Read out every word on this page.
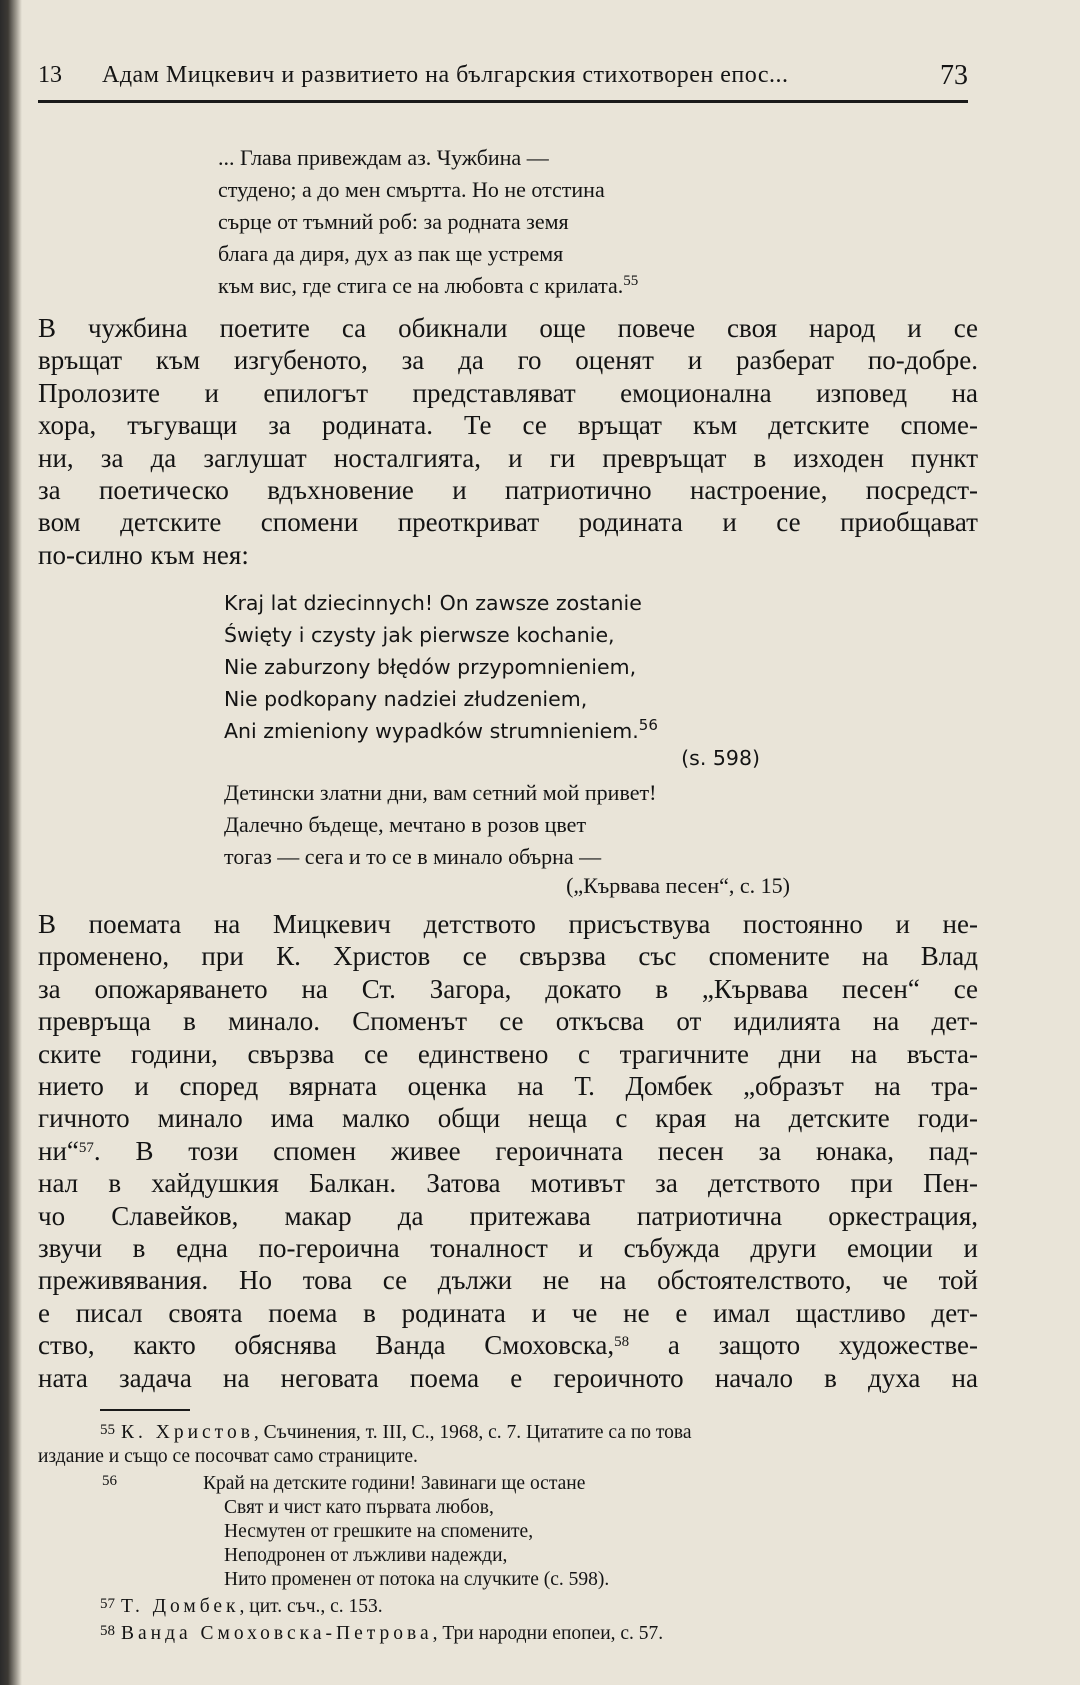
13 Адам Мицкевич и развитието на българския стихотворен епос...	73
... Глава привеждам аз. Чужбина —
студено; а до мен смъртта. Но не отстина
сърце от тъмний роб: за родната земя
блага да диря, дух аз пак ще устремя
към вис, где стига се на любовта с крилата.$^{55}$
В чужбина поетите са обикнали още повече своя народ и се
връщат към изгубеното, за да го оценят и разберат по-добре.
Пролозите и епилогът представляват емоционална изповед на
хора, тъгуващи за родината. Те се връщат към детските споме-
ни, за да заглушат носталгията, и ги превръщат в изходен пункт
за поетическо вдъхновение и патриотично настроение, посредст-
вом детските спомени преоткриват родината и се приобщават
по-силно към нея:
Kraj lat dziecinnych! On zawsze zostanie
Święty i czysty jak pierwsze kochanie,
Nie zaburzony błędów przypomnieniem,
Nie podkopany nadziei złudzeniem,
Ani zmieniony wypadków strumnieniem.$^{56}$
(s. 598)
Детински златни дни, вам сетний мой привет!
Далечно бъдеще, мечтано в розов цвет
тогаз — сега и то се в минало обърна —
(„Кървава песен“, с. 15)
В поемата на Мицкевич детството присъствува постоянно и не-
променено, при К. Христов се свързва със спомените на Влад
за опожаряването на Ст. Загора, докато в „Кървава песен“ се
превръща в минало. Споменът се откъсва от идилията на дет-
ските години, свързва се единствено с трагичните дни на въста-
нието и според вярната оценка на Т. Домбек „образът на тра-
гичното минало има малко общи неща с края на детските годи-
ни“$^{57}$. В този спомен живее героичната песен за юнака, пад-
нал в хайдушкия Балкан. Затова мотивът за детството при Пен-
чо Славейков, макар да притежава патриотична оркестрация,
звучи в една по-героична тоналност и събужда други емоции и
преживявания. Но това се дължи не на обстоятелството, че той
е писал своята поема в родината и че не е имал щастливо дет-
ство, както обяснява Ванда Смоховска,$^{58}$ а защото художестве-
ната задача на неговата поема е героичното начало в духа на
55 К. Христов, Съчинения, т. III, С., 1968, с. 7. Цитатите са по това
издание и също се посочват само страниците.
56	Край на детските години! Завинаги ще остане
Свят и чист като първата любов,
Несмутен от грешките на спомените,
Неподронен от лъжливи надежди,
Нито променен от потока на случките (с. 598).
57 Т. Домбек, цит. съч., с. 153.
58 Ванда Смоховска-Петрова, Три народни епопеи, с. 57.
